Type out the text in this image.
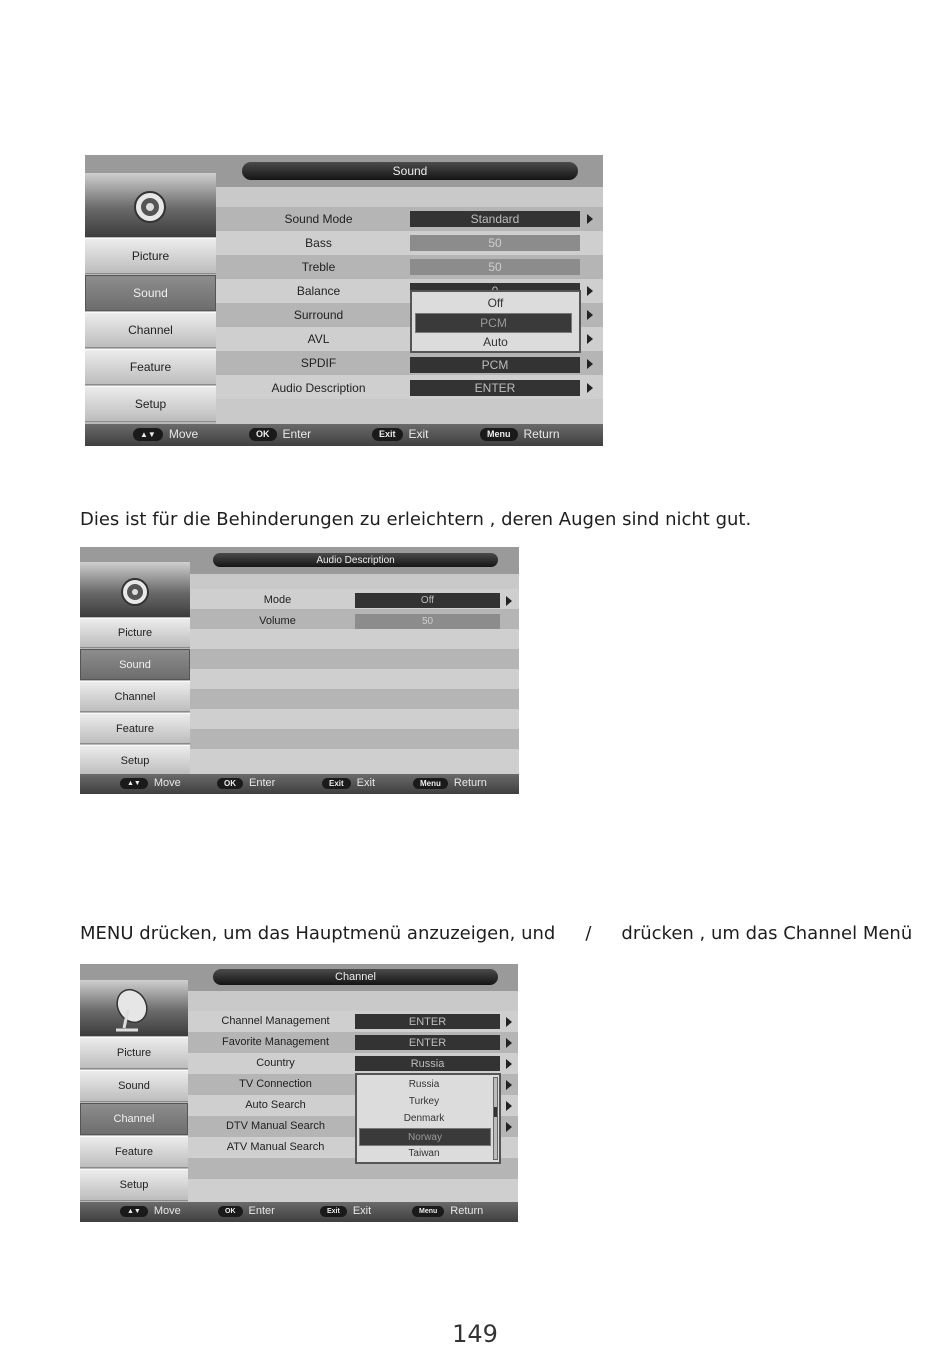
Picture
Sound
Channel
Feature
Setup
Sound
Sound Mode	Standard
Bass	50
Treble	50
Balance
Surround
AVL
SPDIF	PCM
Audio Description	ENTER
Off
PCM
Auto
▲▼	Move	OK	Enter	Exit	Exit	Menu	Return
Dies ist für die Behinderungen zu erleichtern , deren Augen sind nicht gut.
Picture
Sound
Channel
Feature
Setup
Audio Description
Mode	Off
Volume	50
▲▼	Move	OK	Enter	Exit	Exit	Menu	Return
MENU drücken, um das Hauptmenü anzuzeigen, und / drücken , um das Channel Menü
Picture
Sound
Channel
Feature
Setup
Channel
Channel Management	ENTER
Favorite Management	ENTER
Country	Russia
TV Connection
Auto Search
DTV Manual Search
ATV Manual Search
Russia
Turkey
Denmark
Norway
Taiwan
▲▼	Move	OK	Enter	Exit	Exit	Menu	Return
149
